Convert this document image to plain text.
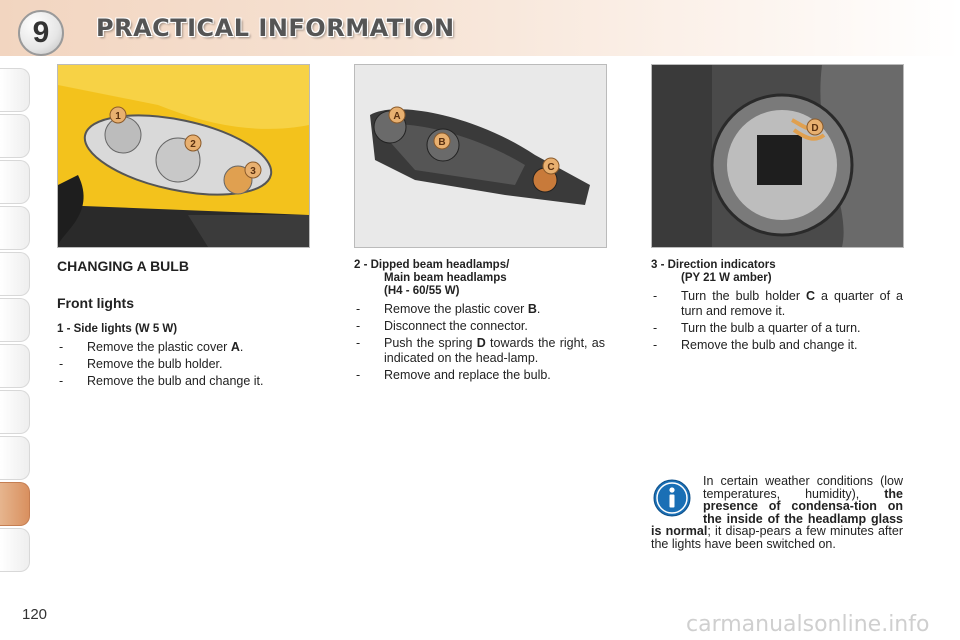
9	PRACTICAL INFORMATION
1
2
3
A
B
C
D

CHANGING A BULB

Front lights

1 - Side lights (W 5 W)
- Remove the plastic cover A.
- Remove the bulb holder.
- Remove the bulb and change it.
2 - Dipped beam headlamps/
Main beam headlamps
(H4 - 60/55 W)
- Remove the plastic cover B.
- Disconnect the connector.
- Push the spring D towards the right, as indicated on the head-lamp.
- Remove and replace the bulb.
3 - Direction indicators
(PY 21 W amber)
- Turn the bulb holder C a quarter of a turn and remove it.
- Turn the bulb a quarter of a turn.
- Remove the bulb and change it.
In certain weather conditions (low temperatures, humidity), the presence of condensa-tion on the inside of the headlamp glass is normal; it disap-pears a few minutes after the lights have been switched on.
120	carmanualsonline.info
